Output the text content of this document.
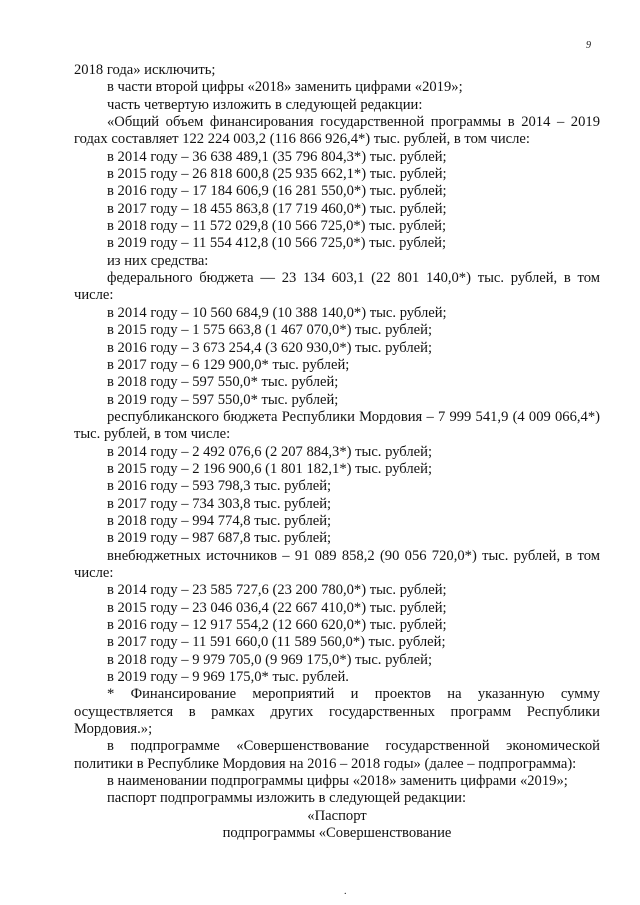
9

2018 года» исключить;

в части второй цифры «2018» заменить цифрами «2019»;

часть четвертую изложить в следующей редакции:

«Общий объем финансирования государственной программы в 2014 – 2019 годах составляет 122 224 003,2 (116 866 926,4*) тыс. рублей, в том числе:

в 2014 году – 36 638 489,1 (35 796 804,3*) тыс. рублей;

в 2015 году – 26 818 600,8 (25 935 662,1*) тыс. рублей;

в 2016 году – 17 184 606,9 (16 281 550,0*) тыс. рублей;

в 2017 году – 18 455 863,8 (17 719 460,0*) тыс. рублей;

в 2018 году – 11 572 029,8 (10 566 725,0*) тыс. рублей;

в 2019 году – 11 554 412,8 (10 566 725,0*) тыс. рублей;

из них средства:

федерального бюджета — 23 134 603,1 (22 801 140,0*) тыс. рублей, в том числе:

в 2014 году – 10 560 684,9 (10 388 140,0*) тыс. рублей;

в 2015 году – 1 575 663,8 (1 467 070,0*) тыс. рублей;

в 2016 году – 3 673 254,4 (3 620 930,0*) тыс. рублей;

в 2017 году – 6 129 900,0* тыс. рублей;

в 2018 году – 597 550,0* тыс. рублей;

в 2019 году – 597 550,0* тыс. рублей;

республиканского бюджета Республики Мордовия – 7 999 541,9 (4 009 066,4*) тыс. рублей, в том числе:

в 2014 году – 2 492 076,6 (2 207 884,3*) тыс. рублей;

в 2015 году – 2 196 900,6 (1 801 182,1*) тыс. рублей;

в 2016 году – 593 798,3 тыс. рублей;

в 2017 году – 734 303,8 тыс. рублей;

в 2018 году – 994 774,8 тыс. рублей;

в 2019 году – 987 687,8 тыс. рублей;

внебюджетных источников – 91 089 858,2 (90 056 720,0*) тыс. рублей, в том числе:

в 2014 году – 23 585 727,6 (23 200 780,0*) тыс. рублей;

в 2015 году – 23 046 036,4 (22 667 410,0*) тыс. рублей;

в 2016 году – 12 917 554,2 (12 660 620,0*) тыс. рублей;

в 2017 году – 11 591 660,0 (11 589 560,0*) тыс. рублей;

в 2018 году – 9 979 705,0 (9 969 175,0*) тыс. рублей;

в 2019 году – 9 969 175,0* тыс. рублей.

* Финансирование мероприятий и проектов на указанную сумму осуществляется в рамках других государственных программ Республики Мордовия.»;

в подпрограмме «Совершенствование государственной экономической политики в Республике Мордовия на 2016 – 2018 годы» (далее – подпрограмма):

в наименовании подпрограммы цифры «2018» заменить цифрами «2019»;

паспорт подпрограммы изложить в следующей редакции:

«Паспорт

подпрограммы «Совершенствование

.
